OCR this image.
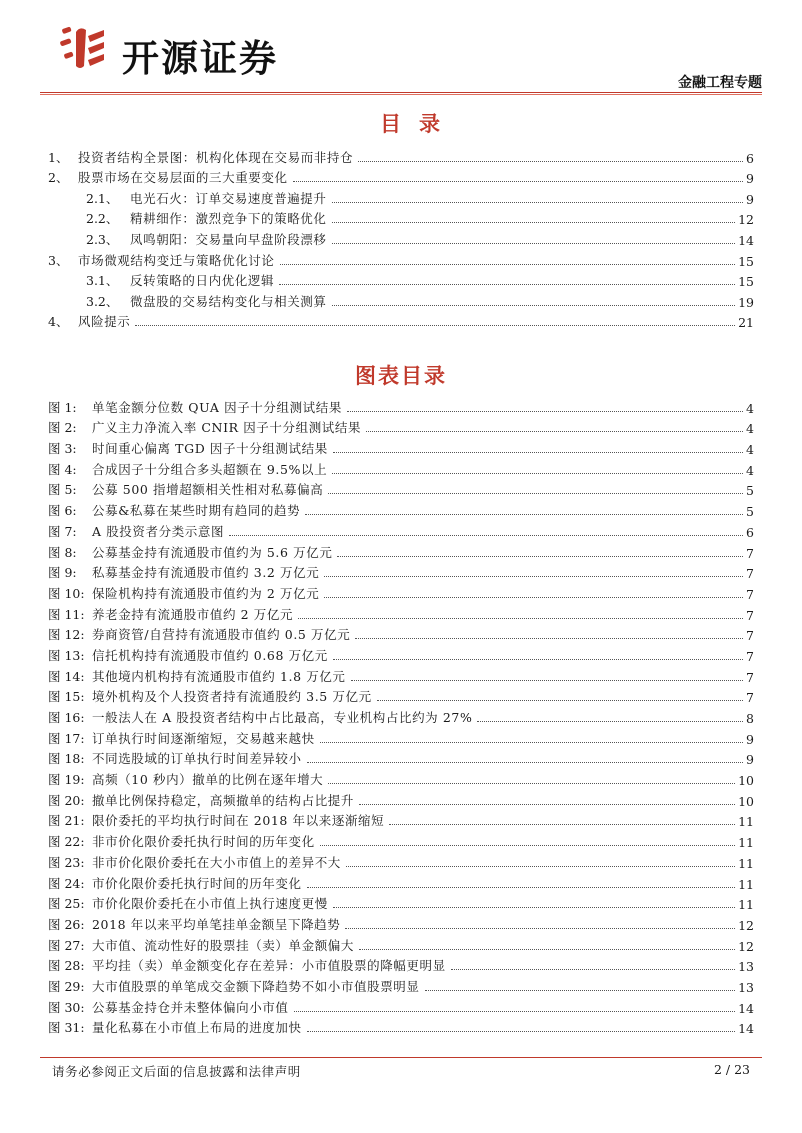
开源证券
金融工程专题
目录
1、 投资者结构全景图：机构化体现在交易而非持仓	6
2、 股票市场在交易层面的三大重要变化	9
2.1、 电光石火：订单交易速度普遍提升	9
2.2、 精耕细作：激烈竞争下的策略优化	12
2.3、 凤鸣朝阳：交易量向早盘阶段漂移	14
3、 市场微观结构变迁与策略优化讨论	15
3.1、 反转策略的日内优化逻辑	15
3.2、 微盘股的交易结构变化与相关测算	19
4、 风险提示	21
图表目录
图 1:	单笔金额分位数 QUA 因子十分组测试结果	4
图 2:	广义主力净流入率 CNIR 因子十分组测试结果	4
图 3:	时间重心偏离 TGD 因子十分组测试结果	4
图 4:	合成因子十分组合多头超额在 9.5%以上	4
图 5:	公募 500 指增超额相关性相对私募偏高	5
图 6:	公募&私募在某些时期有趋同的趋势	5
图 7:	A 股投资者分类示意图	6
图 8:	公募基金持有流通股市值约为 5.6 万亿元	7
图 9:	私募基金持有流通股市值约 3.2 万亿元	7
图 10: 保险机构持有流通股市值约为 2 万亿元	7
图 11: 养老金持有流通股市值约 2 万亿元	7
图 12: 券商资管/自营持有流通股市值约 0.5 万亿元	7
图 13: 信托机构持有流通股市值约 0.68 万亿元	7
图 14: 其他境内机构持有流通股市值约 1.8 万亿元	7
图 15: 境外机构及个人投资者持有流通股约 3.5 万亿元	7
图 16: 一般法人在 A 股投资者结构中占比最高，专业机构占比约为 27%	8
图 17: 订单执行时间逐渐缩短，交易越来越快	9
图 18: 不同选股域的订单执行时间差异较小	9
图 19: 高频（10 秒内）撤单的比例在逐年增大	10
图 20: 撤单比例保持稳定，高频撤单的结构占比提升	10
图 21: 限价委托的平均执行时间在 2018 年以来逐渐缩短	11
图 22: 非市价化限价委托执行时间的历年变化	11
图 23: 非市价化限价委托在大小市值上的差异不大	11
图 24: 市价化限价委托执行时间的历年变化	11
图 25: 市价化限价委托在小市值上执行速度更慢	11
图 26: 2018 年以来平均单笔挂单金额呈下降趋势	12
图 27: 大市值、流动性好的股票挂（卖）单金额偏大	12
图 28: 平均挂（卖）单金额变化存在差异：小市值股票的降幅更明显	13
图 29: 大市值股票的单笔成交金额下降趋势不如小市值股票明显	13
图 30: 公募基金持仓并未整体偏向小市值	14
图 31: 量化私募在小市值上布局的进度加快	14
请务必参阅正文后面的信息披露和法律声明	2 / 23
